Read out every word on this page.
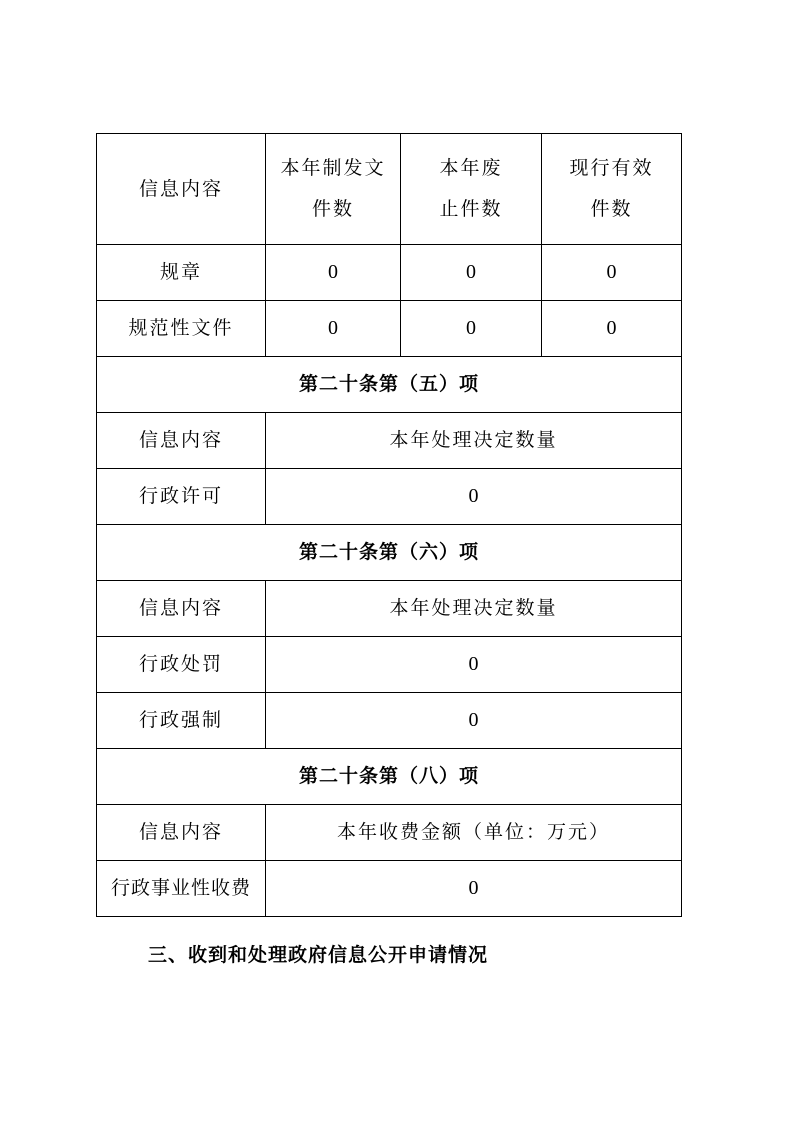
信息内容	本年制发文件数	本年废止件数	现行有效件数

规章	0	0	0
规范性文件	0	0	0
第二十条第（五）项			
信息内容	本年处理决定数量		
行政许可	0		
第二十条第（六）项			
信息内容	本年处理决定数量		
行政处罚	0		
行政强制	0		
第二十条第（八）项			
信息内容	本年收费金额（单位：万元）		
行政事业性收费	0		
三、收到和处理政府信息公开申请情况
